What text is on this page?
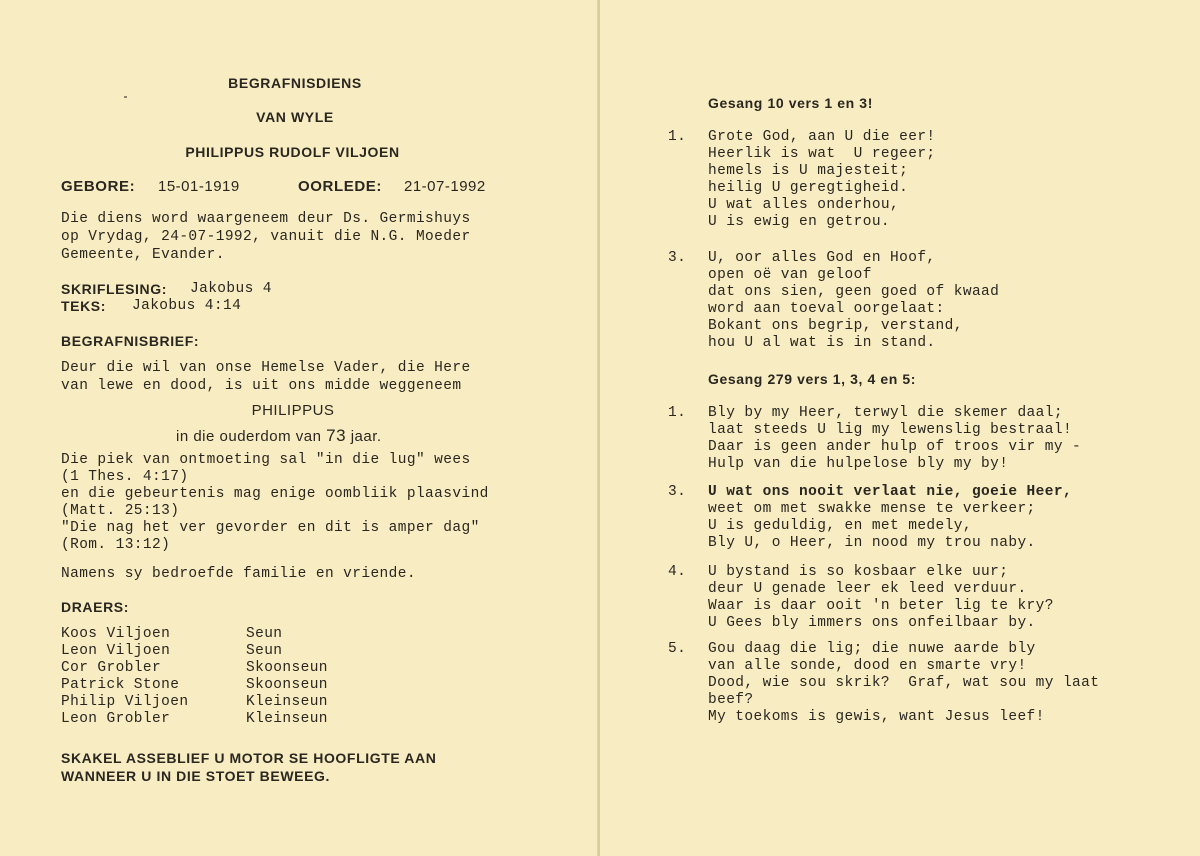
BEGRAFNISDIENS
VAN WYLE
PHILIPPUS RUDOLF VILJOEN
GEBORE: 15-01-1919	OORLEDE: 21-07-1992
Die diens word waargeneem deur Ds. Germishuys
op Vrydag, 24-07-1992, vanuit die N.G. Moeder
Gemeente, Evander.
SKRIFLESING: Jakobus 4
TEKS: Jakobus 4:14
BEGRAFNISBRIEF:
Deur die wil van onse Hemelse Vader, die Here
van lewe en dood, is uit ons midde weggeneem
PHILIPPUS
in die ouderdom van 73 jaar.
Die piek van ontmoeting sal "in die lug" wees
(1 Thes. 4:17)
en die gebeurtenis mag enige oombliik plaasvind
(Matt. 25:13)
"Die nag het ver gevorder en dit is amper dag"
(Rom. 13:12)
Namens sy bedroefde familie en vriende.
DRAERS:
Koos Viljoen	Seun
Leon Viljoen	Seun
Cor Grobler	Skoonseun
Patrick Stone	Skoonseun
Philip Viljoen	Kleinseun
Leon Grobler	Kleinseun
SKAKEL ASSEBLIEF U MOTOR SE HOOFLIGTE AAN
WANNEER U IN DIE STOET BEWEEG.
Gesang 10 vers 1 en 3!
1. Grote God, aan U die eer!
Heerlik is wat  U regeer;
hemels is U majesteit;
heilig U geregtigheid.
U wat alles onderhou,
U is ewig en getrou.
3. U, oor alles God en Hoof,
open oë van geloof
dat ons sien, geen goed of kwaad
word aan toeval oorgelaat:
Bokant ons begrip, verstand,
hou U al wat is in stand.
Gesang 279 vers 1, 3, 4 en 5:
1. Bly by my Heer, terwyl die skemer daal;
laat steeds U lig my lewenslig bestraal!
Daar is geen ander hulp of troos vir my -
Hulp van die hulpelose bly my by!
3. U wat ons nooit verlaat nie, goeie Heer,
weet om met swakke mense te verkeer;
U is geduldig, en met medely,
Bly U, o Heer, in nood my trou naby.
4. U bystand is so kosbaar elke uur;
deur U genade leer ek leed verduur.
Waar is daar ooit 'n beter lig te kry?
U Gees bly immers ons onfeilbaar by.
5. Gou daag die lig; die nuwe aarde bly
van alle sonde, dood en smarte vry!
Dood, wie sou skrik?  Graf, wat sou my laat
beef?
My toekoms is gewis, want Jesus leef!
